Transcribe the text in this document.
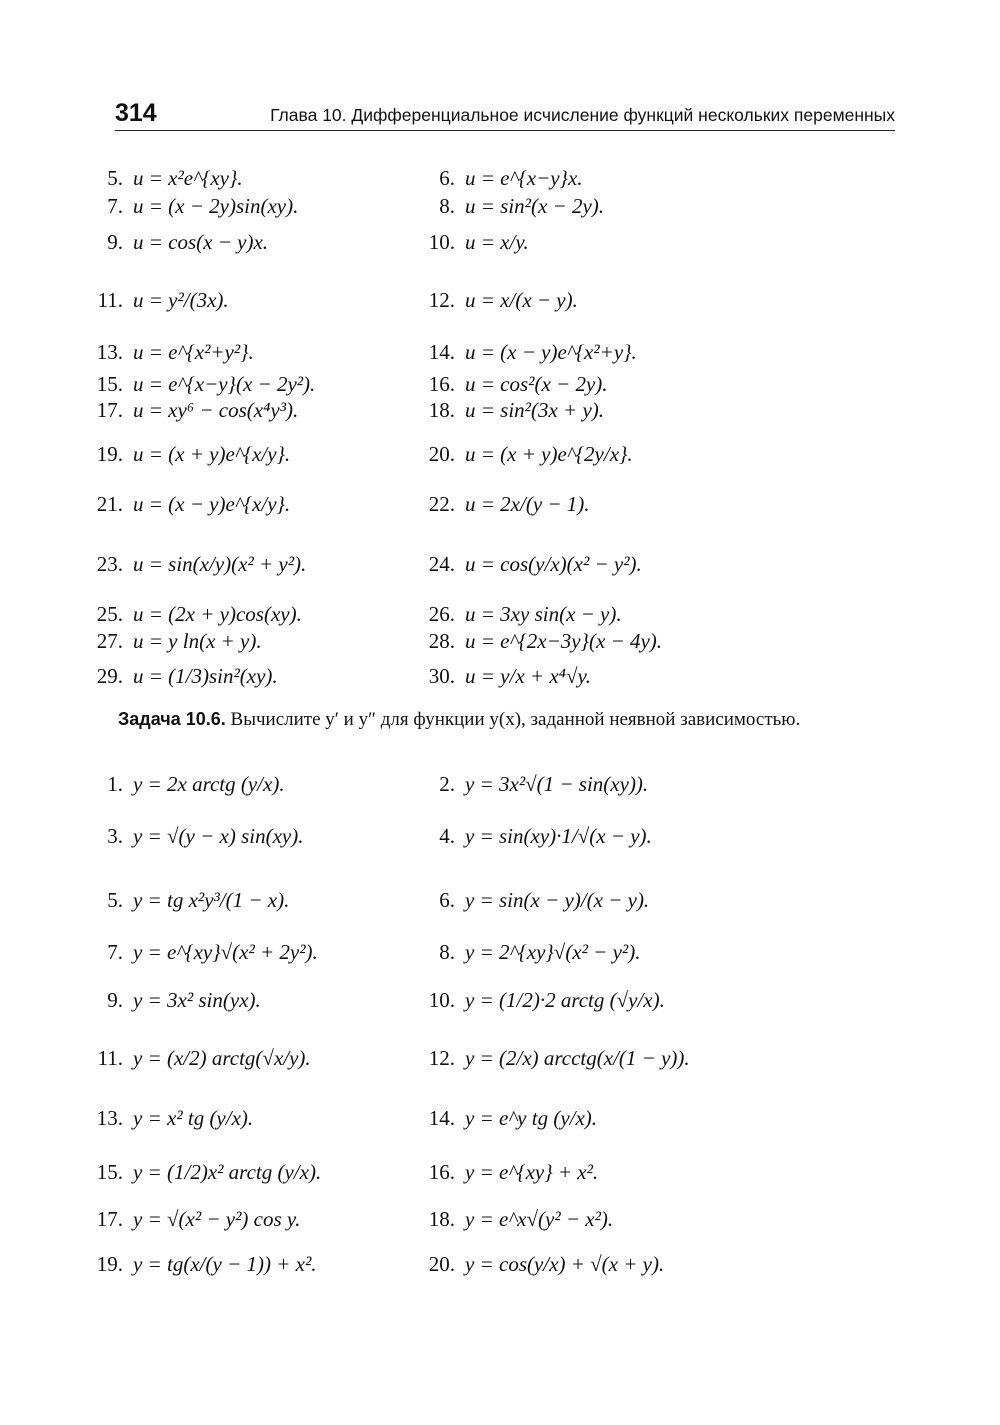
314	Глава 10. Дифференциальное исчисление функций нескольких переменных
5. u = x²e^{xy}.	6. u = e^{x−y}x.
7. u = (x − 2y)sin(xy).	8. u = sin²(x − 2y).
9. u = cos(x − y)x.	10. u = x/y.
11. u = y²/(3x).	12. u = x/(x − y).
13. u = e^{x²+y²}.	14. u = (x − y)e^{x²+y}.
15. u = e^{x−y}(x − 2y²).	16. u = cos²(x − 2y).
17. u = xy⁶ − cos(x⁴y³).	18. u = sin²(3x + y).
19. u = (x + y)e^{x/y}.	20. u = (x + y)e^{2y/x}.
21. u = (x − y)e^{x/y}.	22. u = 2x/(y − 1).
23. u = sin(x/y)(x² + y²).	24. u = cos(y/x)(x² − y²).
25. u = (2x + y)cos(xy).	26. u = 3xy sin(x − y).
27. u = y ln(x + y).	28. u = e^{2x−3y}(x − 4y).
29. u = (1/3)sin²(xy).	30. u = y/x + x⁴√y.
Задача 10.6. Вычислите y′ и y″ для функции y(x), заданной неявной зависимостью.
1. y = 2x arctg (y/x).	2. y = 3x²√(1 − sin(xy)).
3. y = √(y − x) sin(xy).	4. y = sin(xy)·1/√(x − y).
5. y = tg x²y³/(1 − x).	6. y = sin(x − y)/(x − y).
7. y = e^{xy}√(x² + 2y²).	8. y = 2^{xy}√(x² − y²).
9. y = 3x² sin(yx).	10. y = (1/2)·2 arctg (√y/x).
11. y = (x/2) arctg(√x/y).	12. y = (2/x) arcctg(x/(1 − y)).
13. y = x² tg (y/x).	14. y = e^y tg (y/x).
15. y = (1/2)x² arctg (y/x).	16. y = e^{xy} + x².
17. y = √(x² − y²) cos y.	18. y = e^x√(y² − x²).
19. y = tg(x/(y − 1)) + x².	20. y = cos(y/x) + √(x + y).
